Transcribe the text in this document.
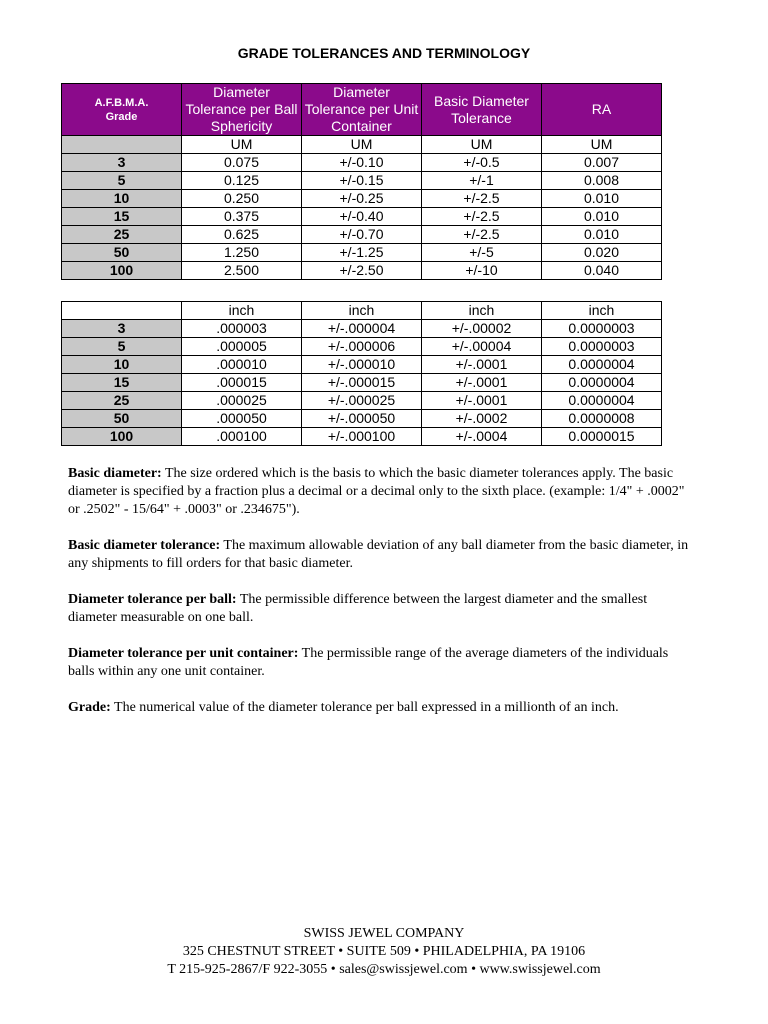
GRADE TOLERANCES AND TERMINOLOGY
A.F.B.M.A.
Grade	Diameter Tolerance per Ball Sphericity	Diameter Tolerance per Unit Container	Basic Diameter Tolerance	RA
	UM	UM	UM	UM
3	0.075	+/-0.10	+/-0.5	0.007
5	0.125	+/-0.15	+/-1	0.008
10	0.250	+/-0.25	+/-2.5	0.010
15	0.375	+/-0.40	+/-2.5	0.010
25	0.625	+/-0.70	+/-2.5	0.010
50	1.250	+/-1.25	+/-5	0.020
100	2.500	+/-2.50	+/-10	0.040
	inch	inch	inch	inch
3	.000003	+/-.000004	+/-.00002	0.0000003
5	.000005	+/-.000006	+/-.00004	0.0000003
10	.000010	+/-.000010	+/-.0001	0.0000004
15	.000015	+/-.000015	+/-.0001	0.0000004
25	.000025	+/-.000025	+/-.0001	0.0000004
50	.000050	+/-.000050	+/-.0002	0.0000008
100	.000100	+/-.000100	+/-.0004	0.0000015

Basic diameter: The size ordered which is the basis to which the basic diameter tolerances apply. The basic diameter is specified by a fraction plus a decimal or a decimal only to the sixth place. (example: 1/4" + .0002" or .2502" - 15/64" + .0003" or .234675").

Basic diameter tolerance: The maximum allowable deviation of any ball diameter from the basic diameter, in any shipments to fill orders for that basic diameter.

Diameter tolerance per ball: The permissible difference between the largest diameter and the smallest diameter measurable on one ball.

Diameter tolerance per unit container: The permissible range of the average diameters of the individuals balls within any one unit container.

Grade: The numerical value of the diameter tolerance per ball expressed in a millionth of an inch.

SWISS JEWEL COMPANY
325 CHESTNUT STREET • SUITE 509 • PHILADELPHIA, PA 19106
T 215-925-2867/F 922-3055 • sales@swissjewel.com • www.swissjewel.com
